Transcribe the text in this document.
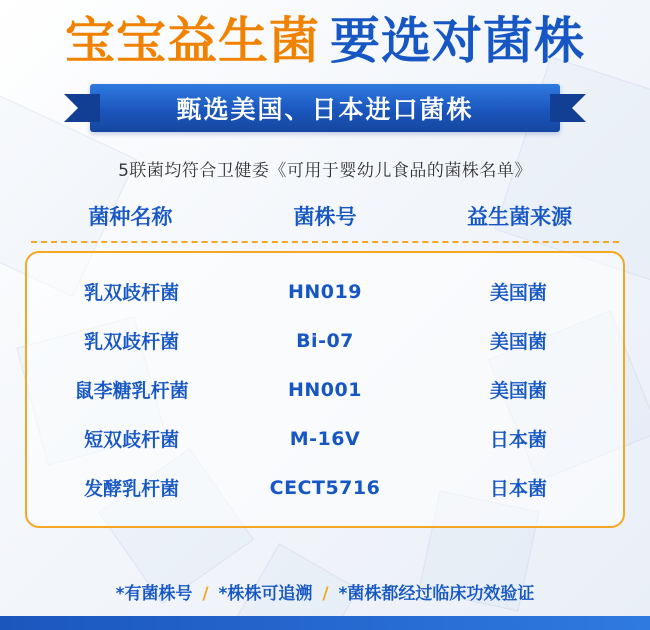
宝宝益生菌 要选对菌株
甄选美国、日本进口菌株
5联菌均符合卫健委《可用于婴幼儿食品的菌株名单》
菌种名称	菌株号	益生菌来源
乳双歧杆菌	HN019	美国菌
乳双歧杆菌	Bi-07	美国菌
鼠李糖乳杆菌	HN001	美国菌
短双歧杆菌	M-16V	日本菌
发酵乳杆菌	CECT5716	日本菌
*有菌株号 / *株株可追溯 / *菌株都经过临床功效验证
